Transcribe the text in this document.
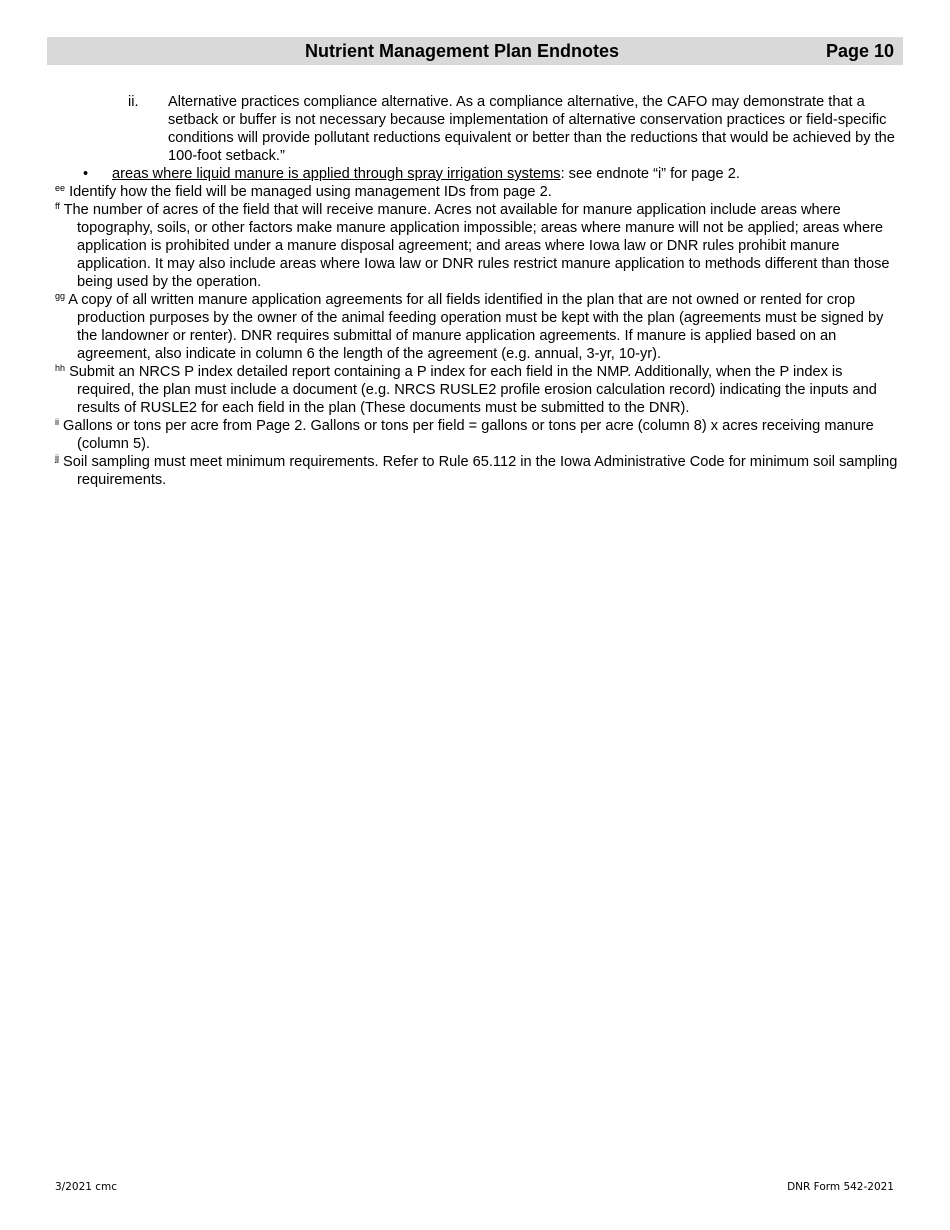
Nutrient Management Plan Endnotes	Page 10
ii. Alternative practices compliance alternative. As a compliance alternative, the CAFO may demonstrate that a setback or buffer is not necessary because implementation of alternative conservation practices or field-specific conditions will provide pollutant reductions equivalent or better than the reductions that would be achieved by the 100-foot setback.”
• areas where liquid manure is applied through spray irrigation systems: see endnote “i” for page 2.
$^{ee}$ Identify how the field will be managed using management IDs from page 2.
$^{ff}$ The number of acres of the field that will receive manure. Acres not available for manure application include areas where topography, soils, or other factors make manure application impossible; areas where manure will not be applied; areas where application is prohibited under a manure disposal agreement; and areas where Iowa law or DNR rules prohibit manure application. It may also include areas where Iowa law or DNR rules restrict manure application to methods different than those being used by the operation.
$^{gg}$ A copy of all written manure application agreements for all fields identified in the plan that are not owned or rented for crop production purposes by the owner of the animal feeding operation must be kept with the plan (agreements must be signed by the landowner or renter). DNR requires submittal of manure application agreements. If manure is applied based on an agreement, also indicate in column 6 the length of the agreement (e.g. annual, 3-yr, 10-yr).
$^{hh}$ Submit an NRCS P index detailed report containing a P index for each field in the NMP. Additionally, when the P index is required, the plan must include a document (e.g. NRCS RUSLE2 profile erosion calculation record) indicating the inputs and results of RUSLE2 for each field in the plan (These documents must be submitted to the DNR).
$^{ii}$ Gallons or tons per acre from Page 2. Gallons or tons per field = gallons or tons per acre (column 8) x acres receiving manure (column 5).
$^{jj}$ Soil sampling must meet minimum requirements. Refer to Rule 65.112 in the Iowa Administrative Code for minimum soil sampling requirements.
3/2021 cmc	DNR Form 542-2021
